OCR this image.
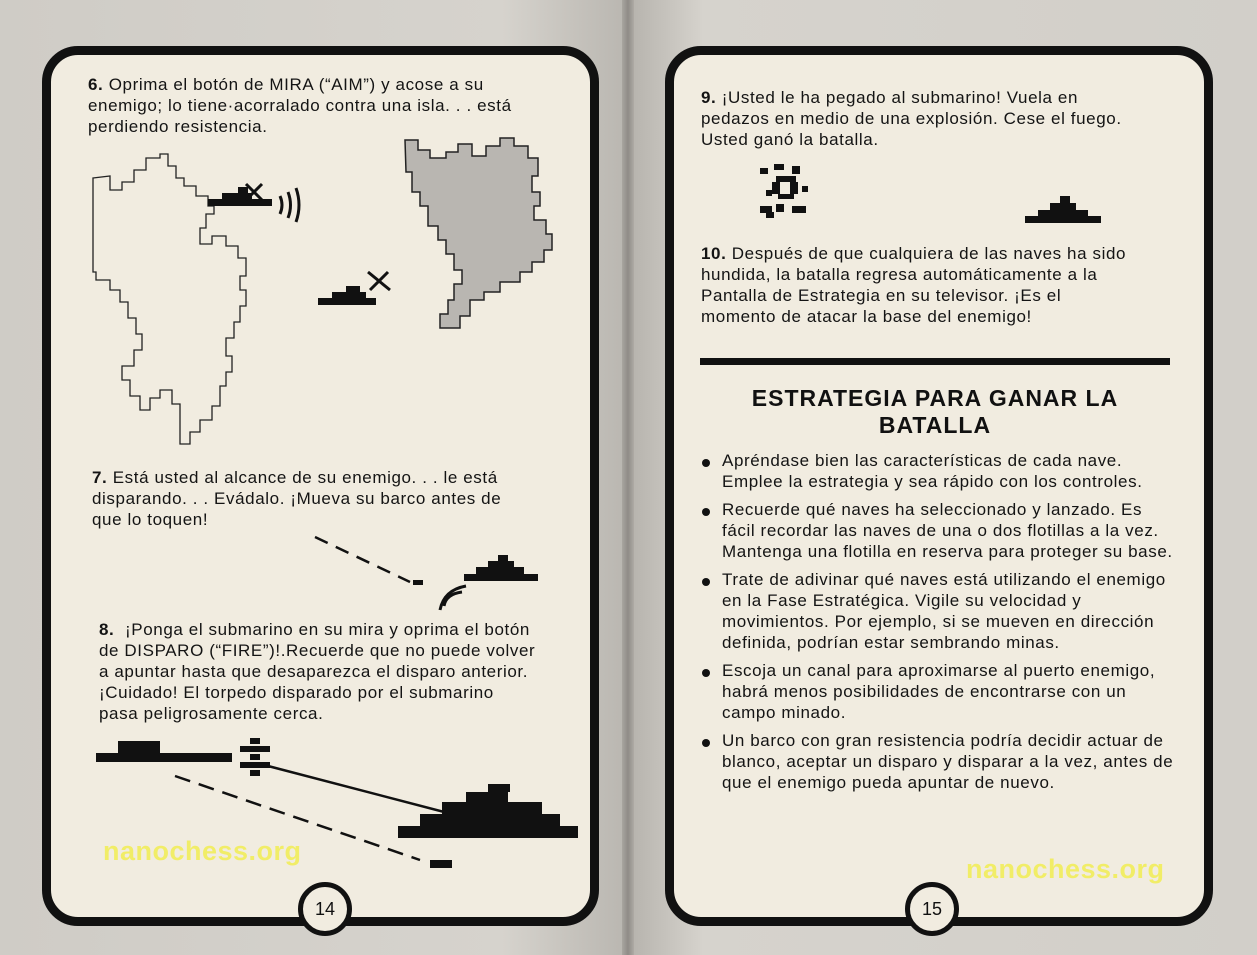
6. Oprima el botón de MIRA (“AIM”) y acose a su

enemigo; lo tiene·acorralado contra una isla. . . está

perdiendo resistencia.

7. Está usted al alcance de su enemigo. . . le está

disparando. . . Evádalo. ¡Mueva su barco antes de

que lo toquen!

8. ¡Ponga el submarino en su mira y oprima el botón

de DISPARO (“FIRE”)!.Recuerde que no puede volver

a apuntar hasta que desaparezca el disparo anterior.

¡Cuidado! El torpedo disparado por el submarino

pasa peligrosamente cerca.

nanochess.org
14

9. ¡Usted le ha pegado al submarino! Vuela en

pedazos en medio de una explosión. Cese el fuego.

Usted ganó la batalla.

10. Después de que cualquiera de las naves ha sido

hundida, la batalla regresa automáticamente a la

Pantalla de Estrategia en su televisor. ¡Es el

momento de atacar la base del enemigo!

ESTRATEGIA PARA GANAR LA

BATALLA

Apréndase bien las características de cada nave. Emplee la estrategia y sea rápido con los controles.
Recuerde qué naves ha seleccionado y lanzado. Es fácil recordar las naves de una o dos flotillas a la vez. Mantenga una flotilla en reserva para proteger su base.
Trate de adivinar qué naves está utilizando el enemigo en la Fase Estratégica. Vigile su velocidad y movimientos. Por ejemplo, si se mueven en dirección definida, podrían estar sembrando minas.
Escoja un canal para aproximarse al puerto enemigo, habrá menos posibilidades de encontrarse con un campo minado.
Un barco con gran resistencia podría decidir actuar de blanco, aceptar un disparo y disparar a la vez, antes de que el enemigo pueda apuntar de nuevo.
nanochess.org
15
